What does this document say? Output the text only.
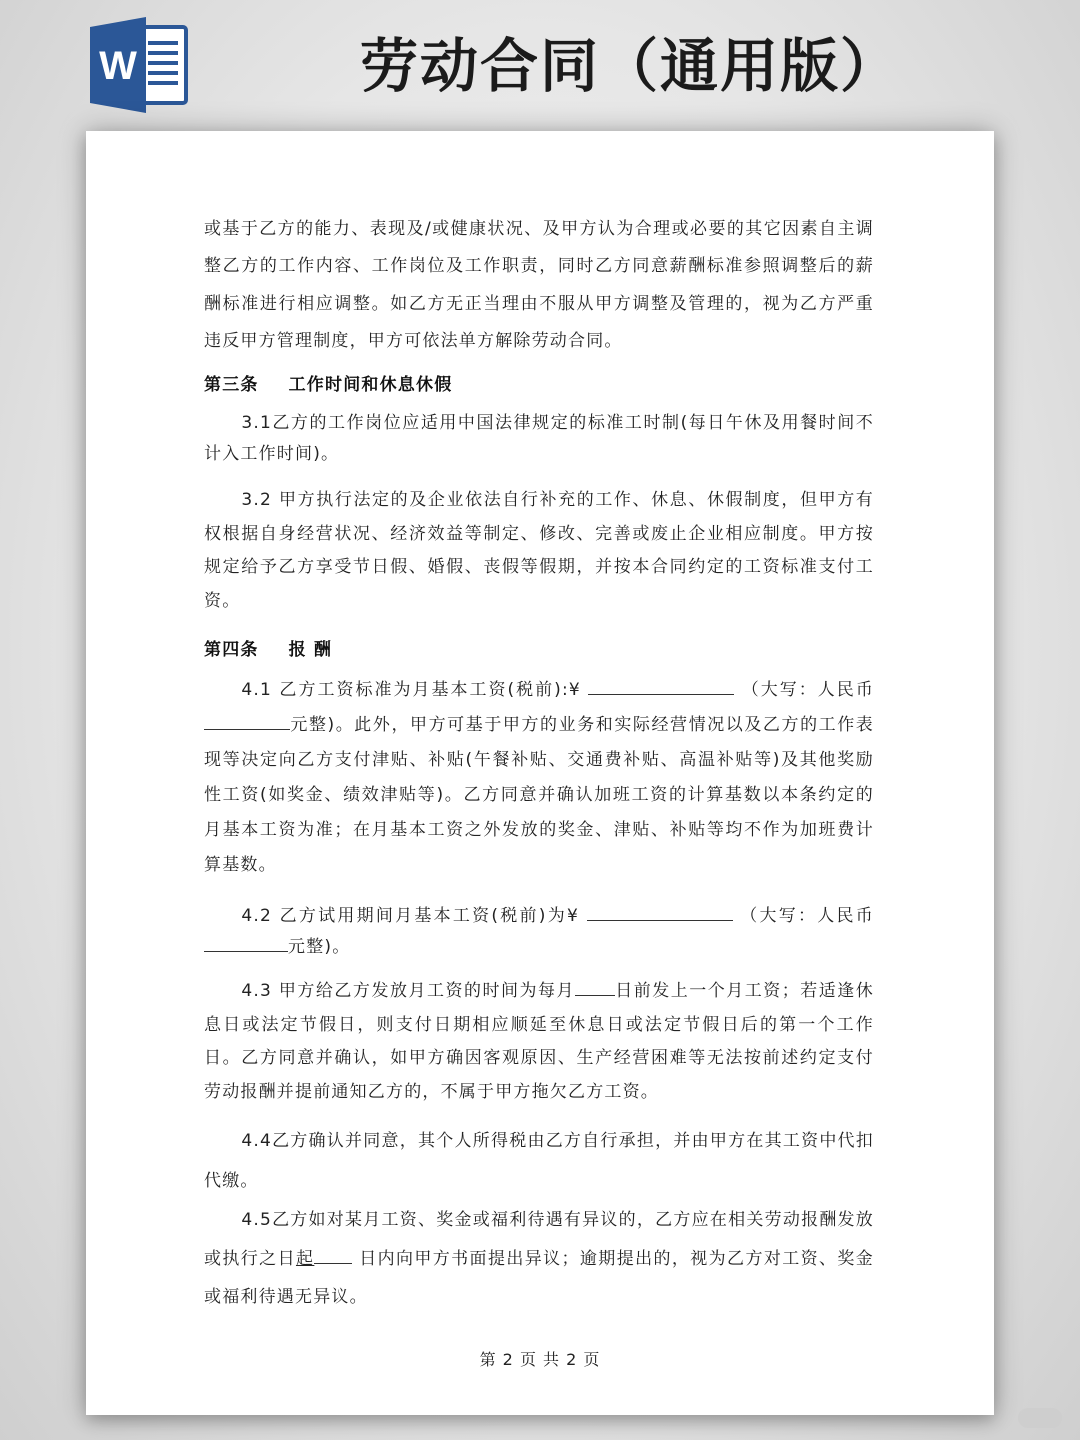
W	劳动合同（通用版）

或基于乙方的能力、表现及/或健康状况、及甲方认为合理或必要的其它因素自主调整乙方的工作内容、工作岗位及工作职责，同时乙方同意薪酬标准参照调整后的薪酬标准进行相应调整。如乙方无正当理由不服从甲方调整及管理的，视为乙方严重违反甲方管理制度，甲方可依法单方解除劳动合同。

第三条 工作时间和休息休假

3.1乙方的工作岗位应适用中国法律规定的标准工时制(每日午休及用餐时间不计入工作时间)。

3.2 甲方执行法定的及企业依法自行补充的工作、休息、休假制度，但甲方有权根据自身经营状况、经济效益等制定、修改、完善或废止企业相应制度。甲方按规定给予乙方享受节日假、婚假、丧假等假期，并按本合同约定的工资标准支付工资。

第四条 报 酬

4.1 乙方工资标准为月基本工资(税前):¥	（大写：人民币 元整)。此外，甲方可基于甲方的业务和实际经营情况以及乙方的工作表现等决定向乙方支付津贴、补贴(午餐补贴、交通费补贴、高温补贴等)及其他奖励性工资(如奖金、绩效津贴等)。乙方同意并确认加班工资的计算基数以本条约定的月基本工资为准；在月基本工资之外发放的奖金、津贴、补贴等均不作为加班费计算基数。

4.2 乙方试用期间月基本工资(税前)为¥	（大写：人民币 元整)。

4.3 甲方给乙方发放月工资的时间为每月 日前发上一个月工资；若适逢休息日或法定节假日，则支付日期相应顺延至休息日或法定节假日后的第一个工作日。乙方同意并确认，如甲方确因客观原因、生产经营困难等无法按前述约定支付劳动报酬并提前通知乙方的，不属于甲方拖欠乙方工资。

4.4乙方确认并同意，其个人所得税由乙方自行承担，并由甲方在其工资中代扣代缴。

4.5乙方如对某月工资、奖金或福利待遇有异议的，乙方应在相关劳动报酬发放或执行之日起	日内向甲方书面提出异议；逾期提出的，视为乙方对工资、奖金或福利待遇无异议。

第 2 页 共 2 页
